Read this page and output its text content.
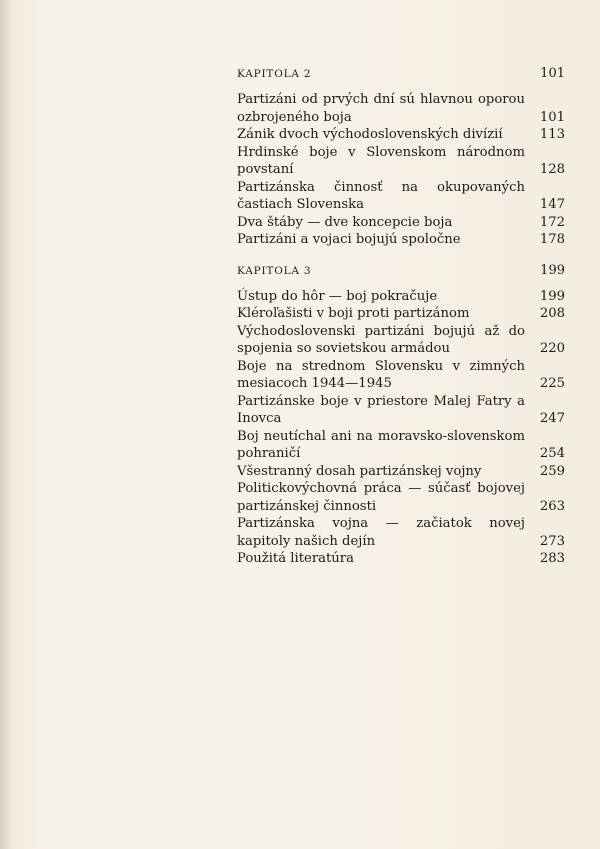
KAPITOLA 2	101
Partizáni od prvých dní sú hlavnou oporou ozbrojeného boja	101
Zánik dvoch východoslovenských divízií	113
Hrdinské boje v Slovenskom národnom povstaní	128
Partizánska činnosť na okupovaných častiach Slovenska	147
Dva štáby — dve koncepcie boja	172
Partizáni a vojaci bojujú spoločne	178
KAPITOLA 3	199
Ústup do hôr — boj pokračuje	199
Kléroľašisti v boji proti partizánom	208
Východoslovenski partizáni bojujú až do spojenia so sovietskou armádou	220
Boje na strednom Slovensku v zimných mesiacoch 1944—1945	225
Partizánske boje v priestore Malej Fatry a Inovca	247
Boj neutíchal ani na moravsko-slovenskom pohraničí	254
Všestranný dosah partizánskej vojny	259
Politickovýchovná práca — súčasť bojovej partizánskej činnosti	263
Partizánska vojna — začiatok novej kapitoly našich dejín	273
Použitá literatúra	283
